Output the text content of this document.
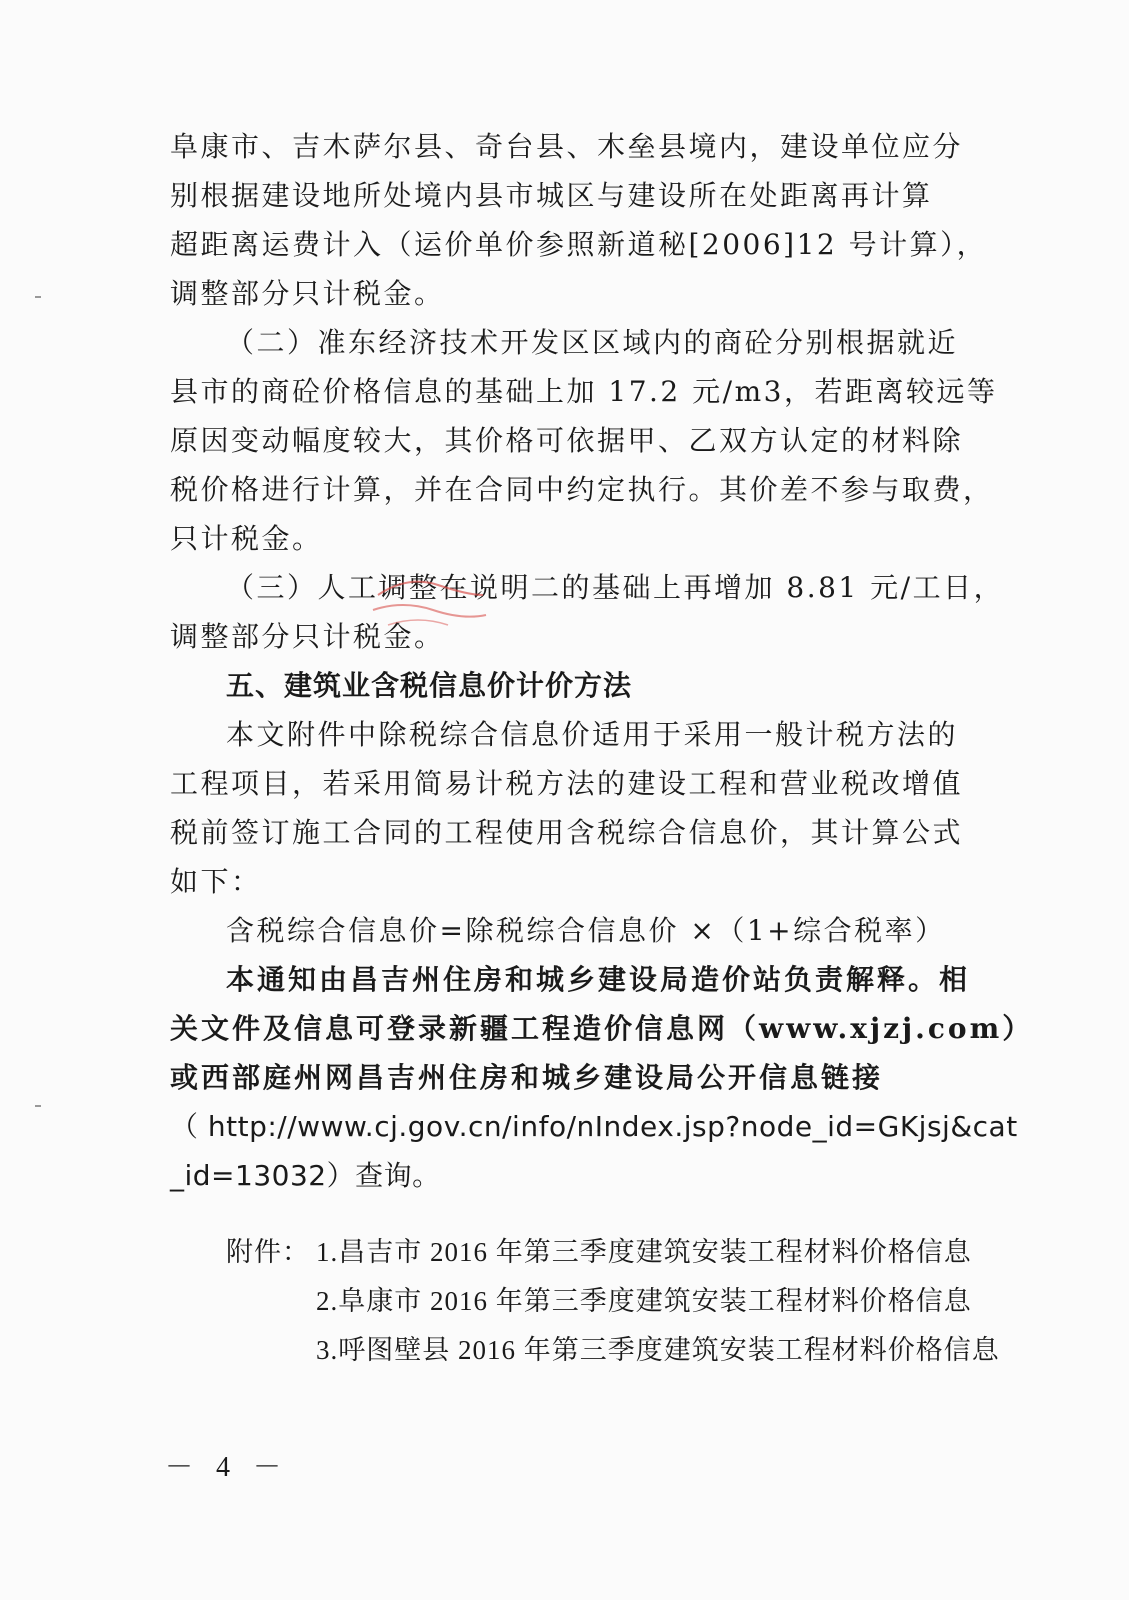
阜康市、吉木萨尔县、奇台县、木垒县境内，建设单位应分
别根据建设地所处境内县市城区与建设所在处距离再计算
超距离运费计入（运价单价参照新道秘[2006]12 号计算），
调整部分只计税金。
（二）准东经济技术开发区区域内的商砼分别根据就近
县市的商砼价格信息的基础上加 17.2 元/m3，若距离较远等
原因变动幅度较大，其价格可依据甲、乙双方认定的材料除
税价格进行计算，并在合同中约定执行。其价差不参与取费，
只计税金。
（三）人工调整在说明二的基础上再增加 8.81 元/工日，
调整部分只计税金。
五、建筑业含税信息价计价方法
本文附件中除税综合信息价适用于采用一般计税方法的
工程项目，若采用简易计税方法的建设工程和营业税改增值
税前签订施工合同的工程使用含税综合信息价，其计算公式
如下：
含税综合信息价=除税综合信息价 ×（1+综合税率）
本通知由昌吉州住房和城乡建设局造价站负责解释。相
关文件及信息可登录新疆工程造价信息网（www.xjzj.com）
或西部庭州网昌吉州住房和城乡建设局公开信息链接
（ http://www.cj.gov.cn/info/nIndex.jsp?node_id=GKjsj&cat
_id=13032）查询。
附件： 1.昌吉市 2016 年第三季度建筑安装工程材料价格信息
2.阜康市 2016 年第三季度建筑安装工程材料价格信息
3.呼图壁县 2016 年第三季度建筑安装工程材料价格信息
－ 4 －
